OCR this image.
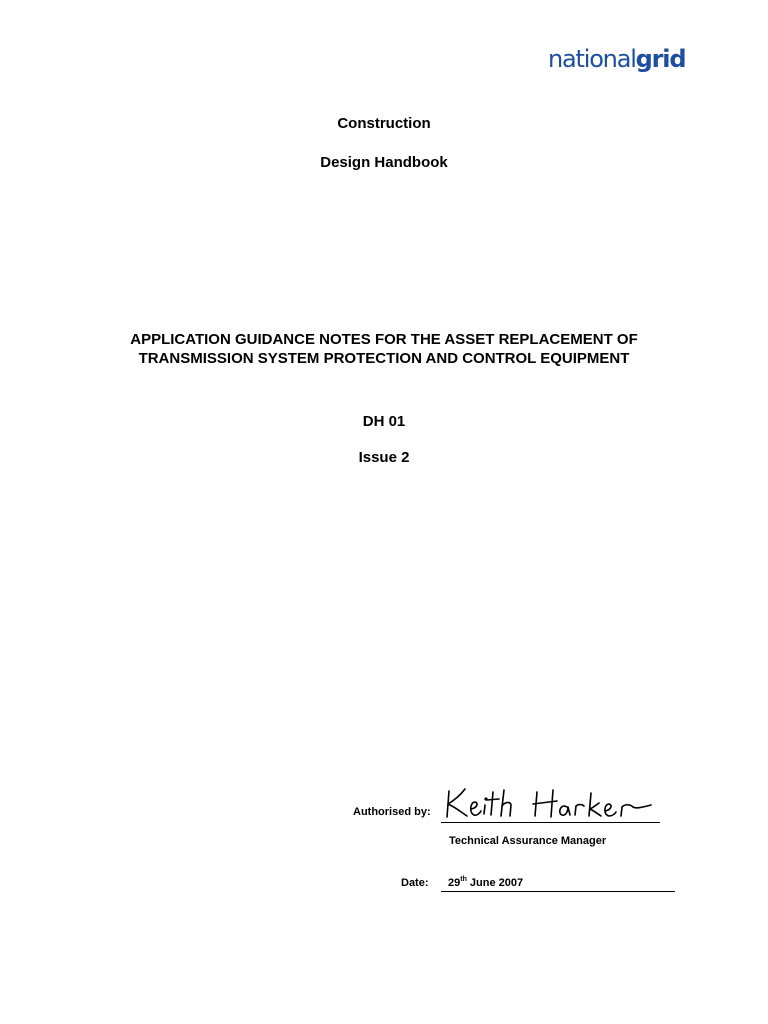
nationalgrid
Construction
Design Handbook
APPLICATION GUIDANCE NOTES FOR THE ASSET REPLACEMENT OF
TRANSMISSION SYSTEM PROTECTION AND CONTROL EQUIPMENT
DH 01
Issue 2
Authorised by:
Technical Assurance Manager
Date: 29th June 2007
